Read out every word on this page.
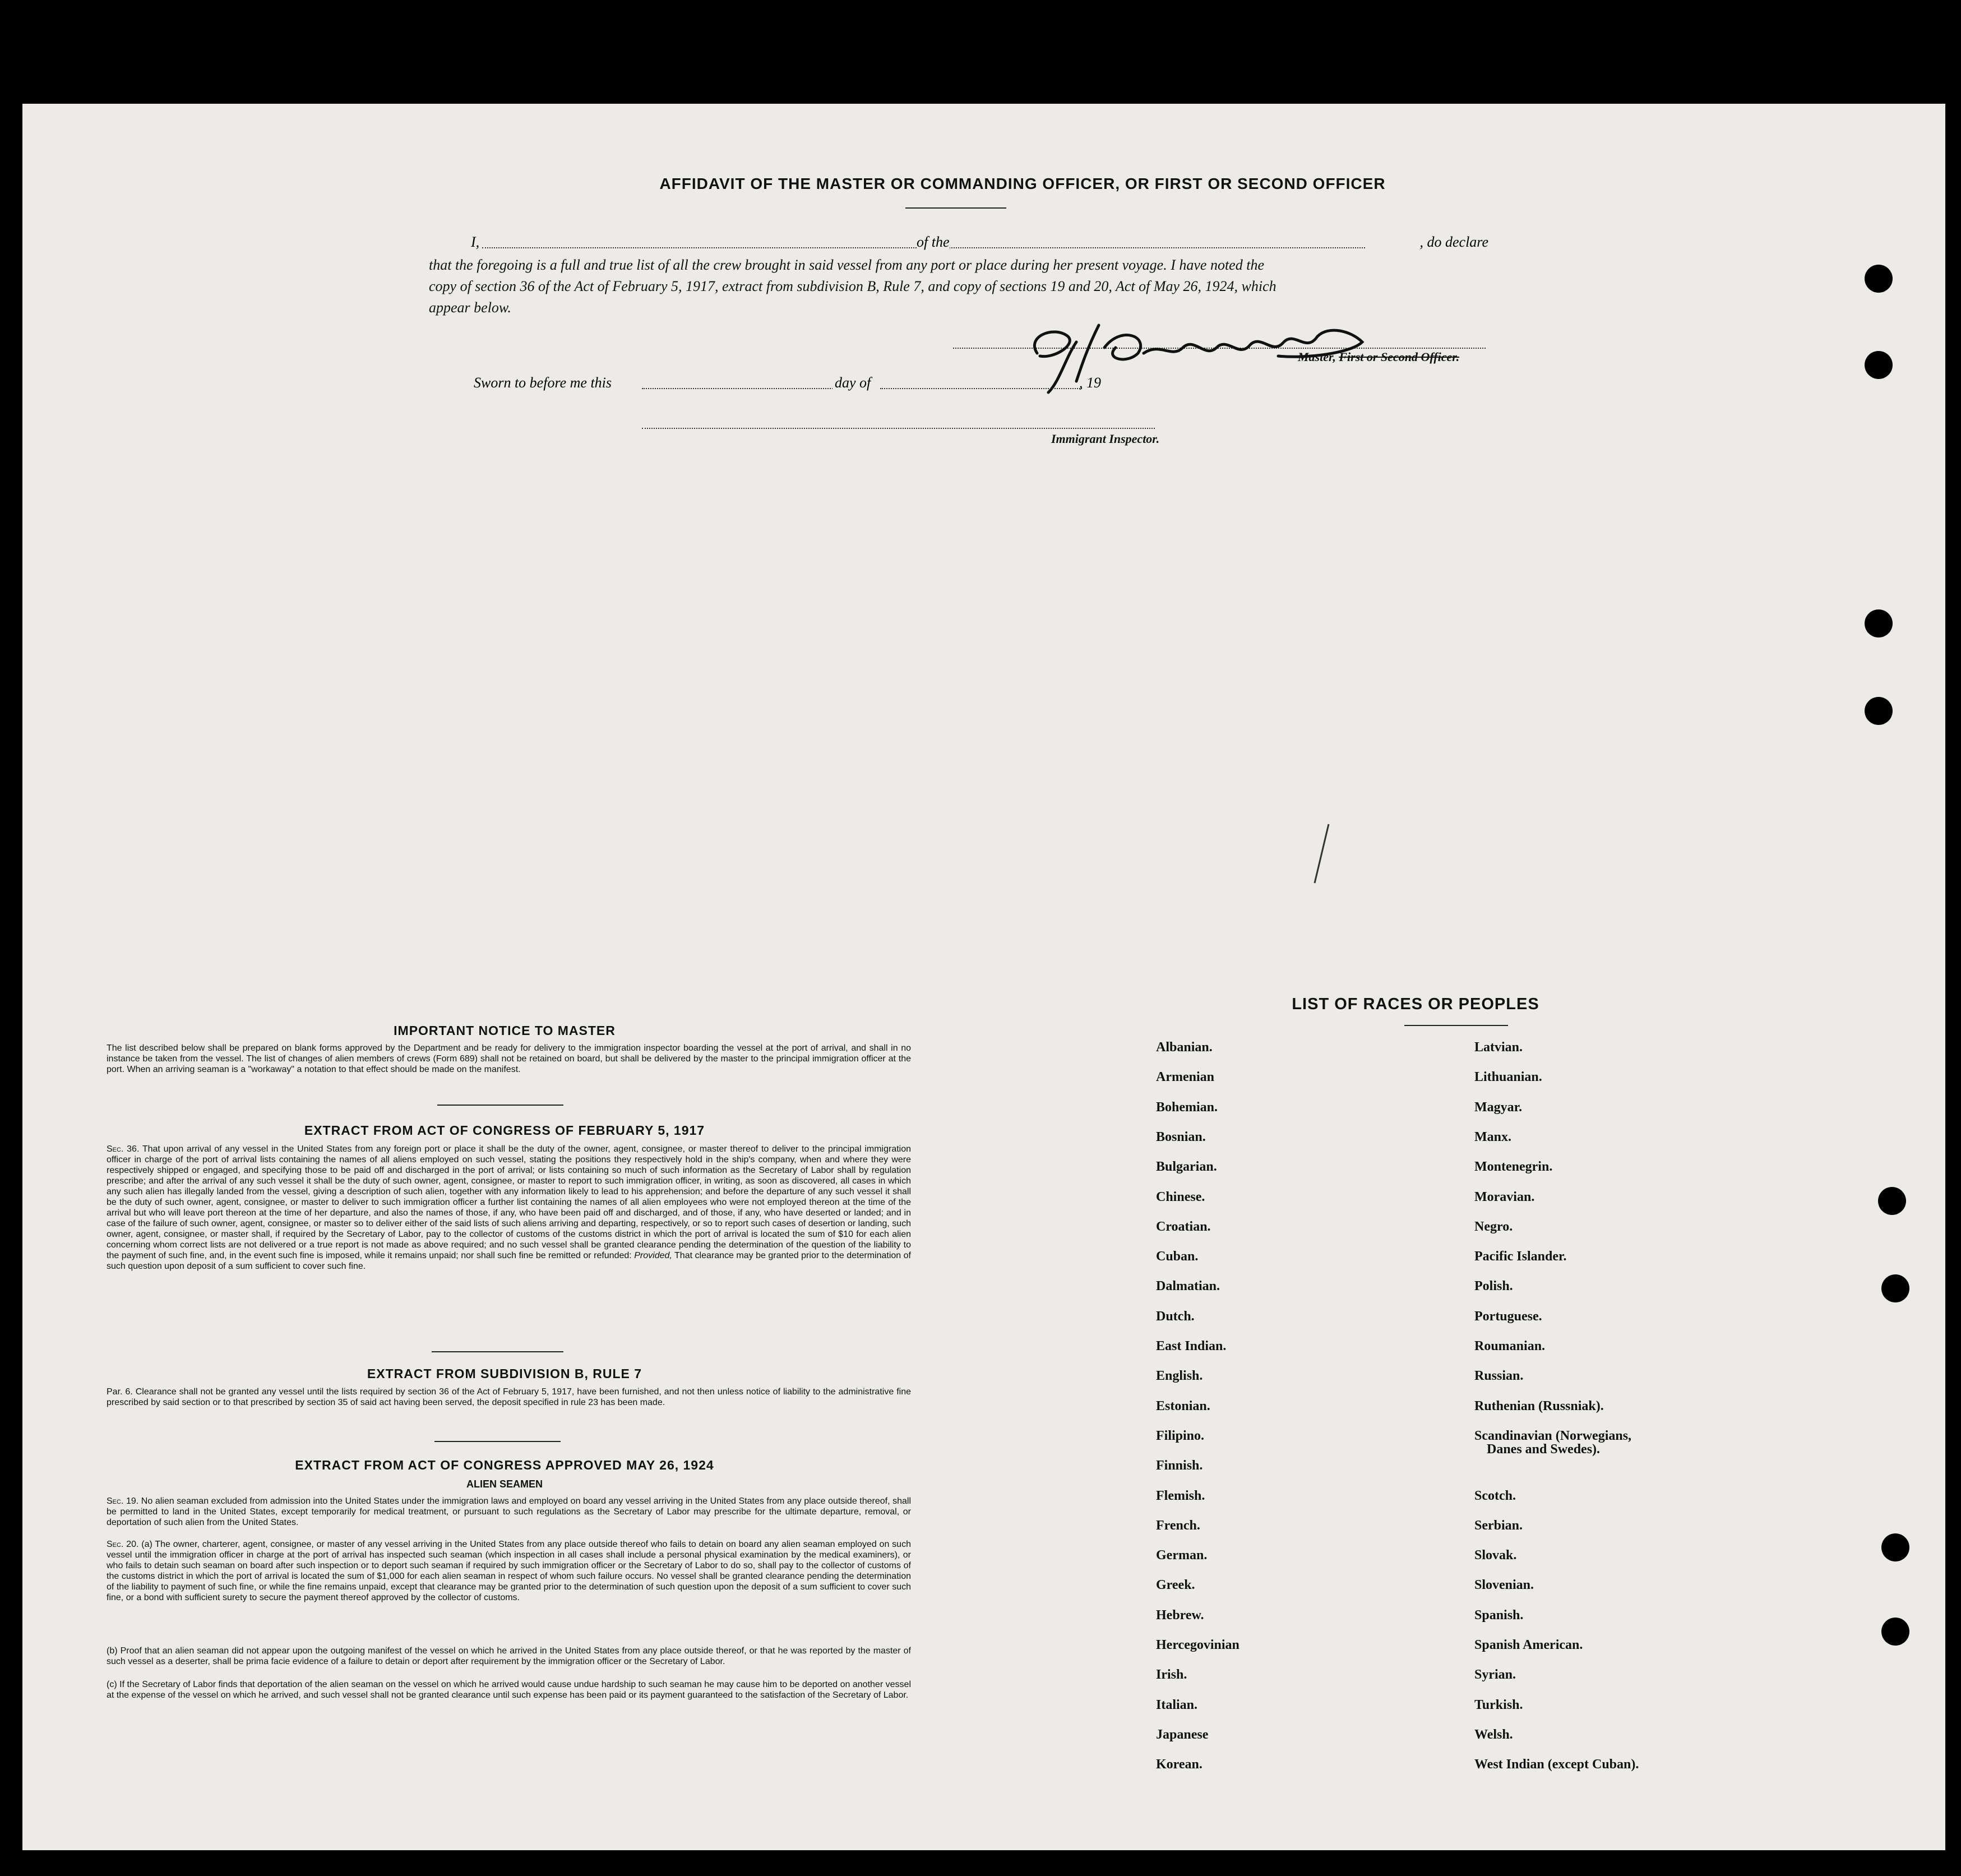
AFFIDAVIT OF THE MASTER OR COMMANDING OFFICER, OR FIRST OR SECOND OFFICER
I,	of the	, do declare
that the foregoing is a full and true list of all the crew brought in said vessel from any port or place during her present voyage. I have noted the
copy of section 36 of the Act of February 5, 1917, extract from subdivision B, Rule 7, and copy of sections 19 and 20, Act of May 26, 1924, which
appear below.
Master, First or Second Officer.
Sworn to before me this	day of	, 19
Immigrant Inspector.
IMPORTANT NOTICE TO MASTER
The list described below shall be prepared on blank forms approved by the Department and be ready for delivery to the immigration inspector boarding the vessel at the port of arrival, and shall in no instance be taken from the vessel. The list of changes of alien members of crews (Form 689) shall not be retained on board, but shall be delivered by the master to the principal immigration officer at the port. When an arriving seaman is a "workaway" a notation to that effect should be made on the manifest.
EXTRACT FROM ACT OF CONGRESS OF FEBRUARY 5, 1917
Sec. 36. That upon arrival of any vessel in the United States from any foreign port or place it shall be the duty of the owner, agent, consignee, or master thereof to deliver to the principal immigration officer in charge of the port of arrival lists containing the names of all aliens employed on such vessel, stating the positions they respectively hold in the ship's company, when and where they were respectively shipped or engaged, and specifying those to be paid off and discharged in the port of arrival; or lists containing so much of such information as the Secretary of Labor shall by regulation prescribe; and after the arrival of any such vessel it shall be the duty of such owner, agent, consignee, or master to report to such immigration officer, in writing, as soon as discovered, all cases in which any such alien has illegally landed from the vessel, giving a description of such alien, together with any information likely to lead to his apprehension; and before the departure of any such vessel it shall be the duty of such owner, agent, consignee, or master to deliver to such immigration officer a further list containing the names of all alien employees who were not employed thereon at the time of the arrival but who will leave port thereon at the time of her departure, and also the names of those, if any, who have been paid off and discharged, and of those, if any, who have deserted or landed; and in case of the failure of such owner, agent, consignee, or master so to deliver either of the said lists of such aliens arriving and departing, respectively, or so to report such cases of desertion or landing, such owner, agent, consignee, or master shall, if required by the Secretary of Labor, pay to the collector of customs of the customs district in which the port of arrival is located the sum of $10 for each alien concerning whom correct lists are not delivered or a true report is not made as above required; and no such vessel shall be granted clearance pending the determination of the question of the liability to the payment of such fine, and, in the event such fine is imposed, while it remains unpaid; nor shall such fine be remitted or refunded: Provided, That clearance may be granted prior to the determination of such question upon deposit of a sum sufficient to cover such fine.
EXTRACT FROM SUBDIVISION B, RULE 7
Par. 6. Clearance shall not be granted any vessel until the lists required by section 36 of the Act of February 5, 1917, have been furnished, and not then unless notice of liability to the administrative fine prescribed by said section or to that prescribed by section 35 of said act having been served, the deposit specified in rule 23 has been made.
EXTRACT FROM ACT OF CONGRESS APPROVED MAY 26, 1924
ALIEN SEAMEN
Sec. 19. No alien seaman excluded from admission into the United States under the immigration laws and employed on board any vessel arriving in the United States from any place outside thereof, shall be permitted to land in the United States, except temporarily for medical treatment, or pursuant to such regulations as the Secretary of Labor may prescribe for the ultimate departure, removal, or deportation of such alien from the United States.
Sec. 20. (a) The owner, charterer, agent, consignee, or master of any vessel arriving in the United States from any place outside thereof who fails to detain on board any alien seaman employed on such vessel until the immigration officer in charge at the port of arrival has inspected such seaman (which inspection in all cases shall include a personal physical examination by the medical examiners), or who fails to detain such seaman on board after such inspection or to deport such seaman if required by such immigration officer or the Secretary of Labor to do so, shall pay to the collector of customs of the customs district in which the port of arrival is located the sum of $1,000 for each alien seaman in respect of whom such failure occurs. No vessel shall be granted clearance pending the determination of the liability to payment of such fine, or while the fine remains unpaid, except that clearance may be granted prior to the determination of such question upon the deposit of a sum sufficient to cover such fine, or a bond with sufficient surety to secure the payment thereof approved by the collector of customs.
(b) Proof that an alien seaman did not appear upon the outgoing manifest of the vessel on which he arrived in the United States from any place outside thereof, or that he was reported by the master of such vessel as a deserter, shall be prima facie evidence of a failure to detain or deport after requirement by the immigration officer or the Secretary of Labor.
(c) If the Secretary of Labor finds that deportation of the alien seaman on the vessel on which he arrived would cause undue hardship to such seaman he may cause him to be deported on another vessel at the expense of the vessel on which he arrived, and such vessel shall not be granted clearance until such expense has been paid or its payment guaranteed to the satisfaction of the Secretary of Labor.
LIST OF RACES OR PEOPLES
Albanian.
Armenian
Bohemian.
Bosnian.
Bulgarian.
Chinese.
Croatian.
Cuban.
Dalmatian.
Dutch.
East Indian.
English.
Estonian.
Filipino.
Finnish.
Flemish.
French.
German.
Greek.
Hebrew.
Hercegovinian
Irish.
Italian.
Japanese
Korean.
Latvian.
Lithuanian.
Magyar.
Manx.
Montenegrin.
Moravian.
Negro.
Pacific Islander.
Polish.
Portuguese.
Roumanian.
Russian.
Ruthenian (Russniak).
Scandinavian (Norwegians,
Danes and Swedes).
Scotch.
Serbian.
Slovak.
Slovenian.
Spanish.
Spanish American.
Syrian.
Turkish.
Welsh.
West Indian (except Cuban).
